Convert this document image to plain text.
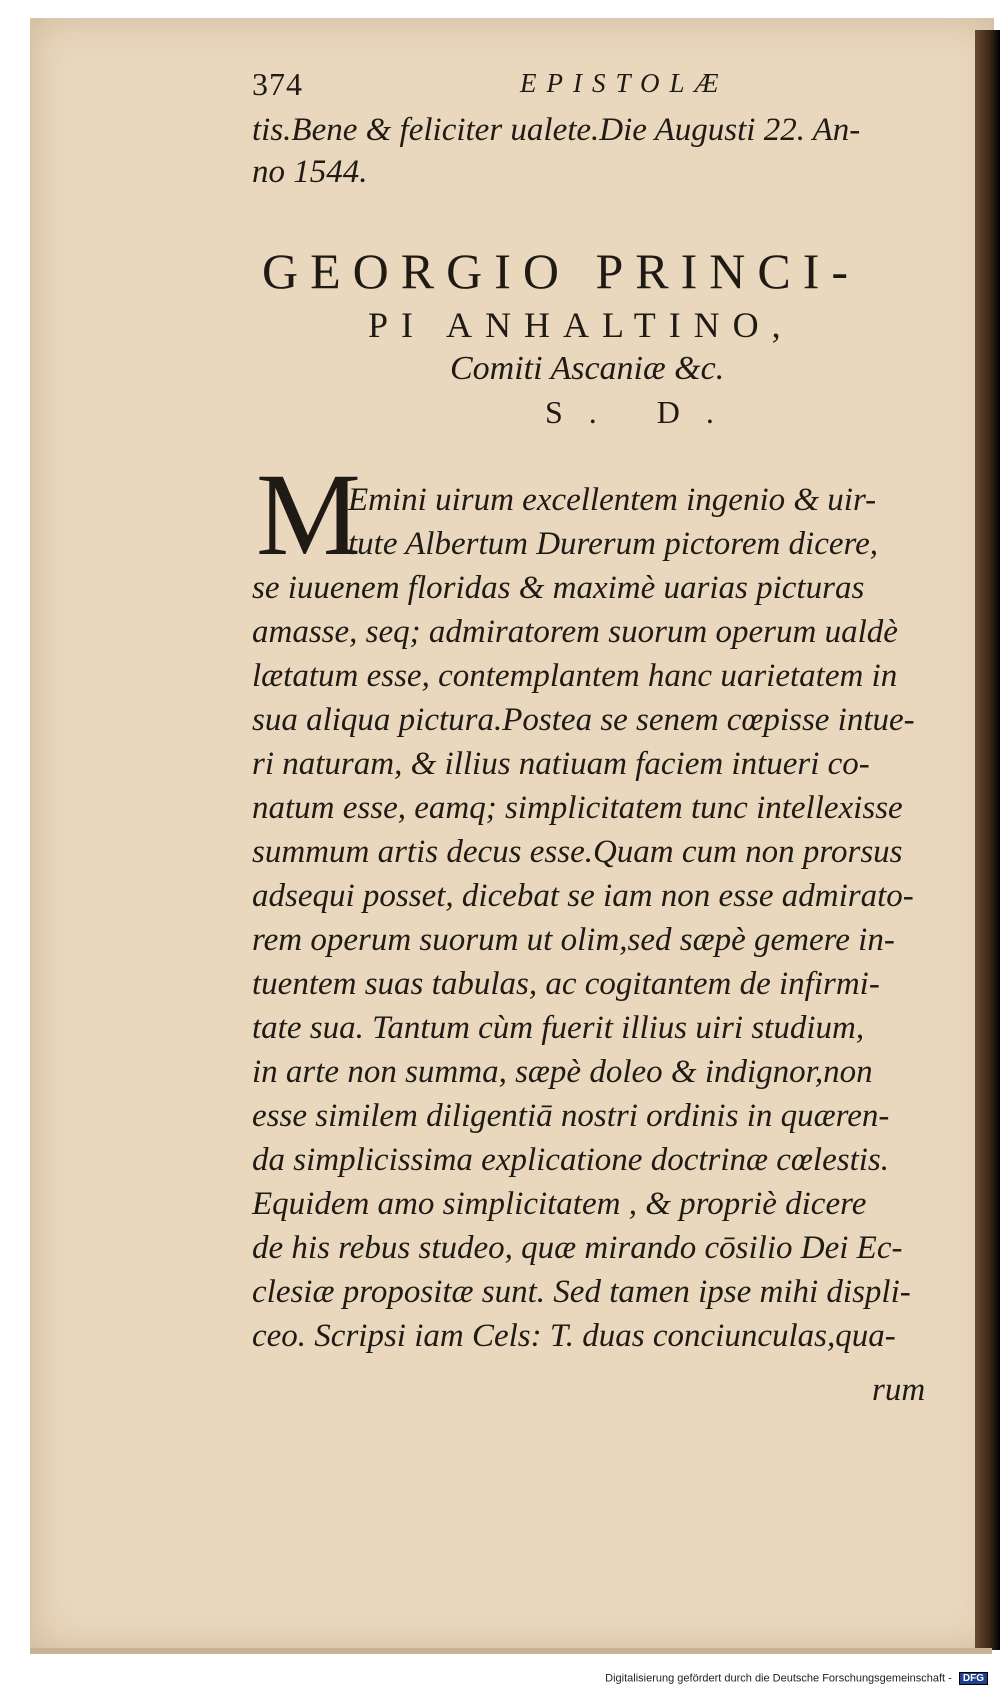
374	EPISTOLÆ
tis.Bene & feliciter ualete.Die Augusti 22. An-
no 1544.
GEORGIO PRINCI-
PI ANHALTINO,
Comiti Ascaniæ &c.
S. D.
M
Emini uirum excellentem ingenio & uir-
tute Albertum Durerum pictorem dicere,
se iuuenem floridas & maximè uarias picturas
amasse, seq; admiratorem suorum operum ualdè
lætatum esse, contemplantem hanc uarietatem in
sua aliqua pictura.Postea se senem cœpisse intue-
ri naturam, & illius natiuam faciem intueri co-
natum esse, eamq; simplicitatem tunc intellexisse
summum artis decus esse.Quam cum non prorsus
adsequi posset, dicebat se iam non esse admirato-
rem operum suorum ut olim,sed sæpè gemere in-
tuentem suas tabulas, ac cogitantem de infirmi-
tate sua. Tantum cùm fuerit illius uiri studium,
in arte non summa, sæpè doleo & indignor,non
esse similem diligentiā nostri ordinis in quæren-
da simplicissima explicatione doctrinæ cœlestis.
Equidem amo simplicitatem , & propriè dicere
de his rebus studeo, quæ mirando cōsilio Dei Ec-
clesiæ propositæ sunt. Sed tamen ipse mihi displi-
ceo. Scripsi iam Cels: T. duas conciunculas,qua-
rum
Digitalisierung gefördert durch die Deutsche Forschungsgemeinschaft - DFG
